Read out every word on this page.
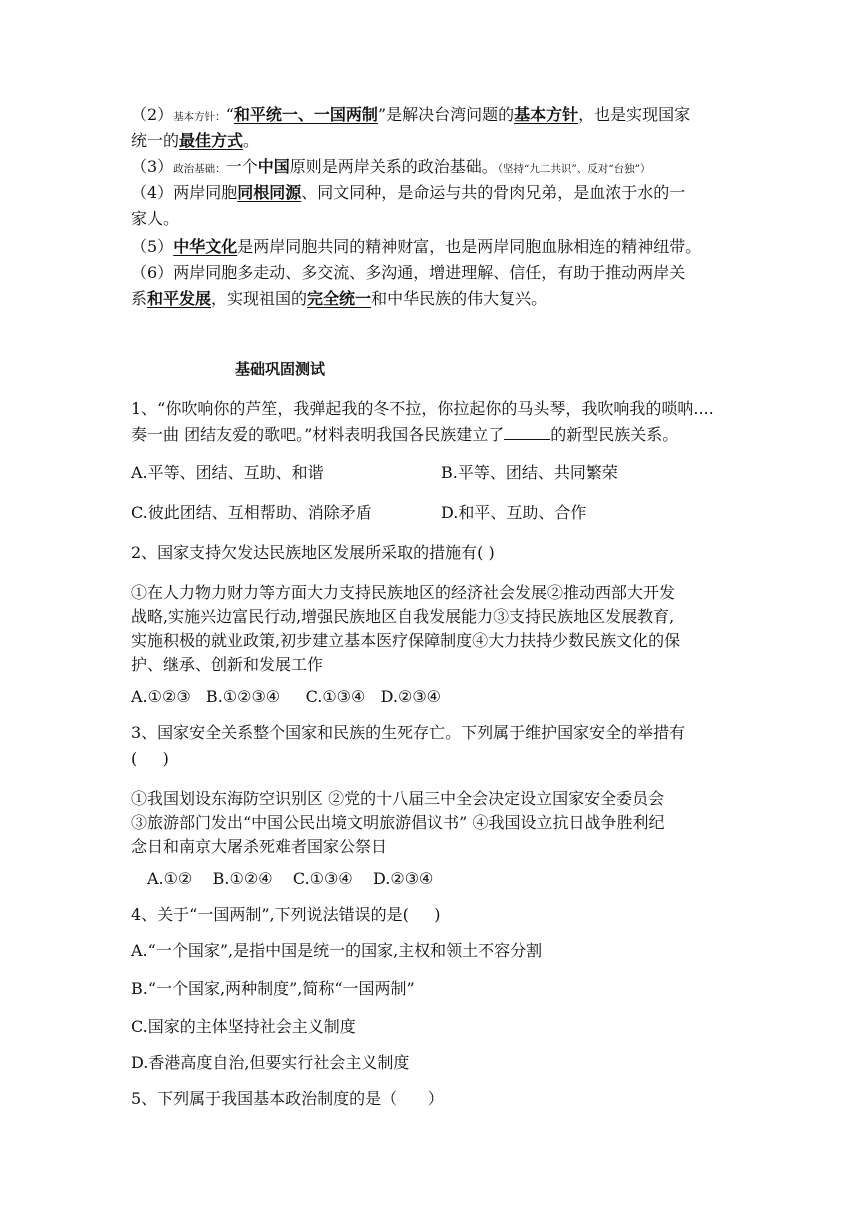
（2）基本方针：“和平统一、一国两制”是解决台湾问题的基本方针，也是实现国家
统一的最佳方式。
（3）政治基础：一个中国原则是两岸关系的政治基础。（坚持“九二共识”、反对“台独”）
（4）两岸同胞同根同源、同文同种，是命运与共的骨肉兄弟，是血浓于水的一
家人。
（5）中华文化是两岸同胞共同的精神财富，也是两岸同胞血脉相连的精神纽带。
（6）两岸同胞多走动、多交流、多沟通，增进理解、信任，有助于推动两岸关
系和平发展，实现祖国的完全统一和中华民族的伟大复兴。
基础巩固测试
1、“你吹响你的芦笙，我弹起我的冬不拉，你拉起你的马头琴，我吹响我的唢呐....
奏一曲 团结友爱的歌吧。”材料表明我国各民族建立了	的新型民族关系。
A.平等、团结、互助、和谐	B.平等、团结、共同繁荣
C.彼此团结、互相帮助、消除矛盾	D.和平、互助、合作
2、国家支持欠发达民族地区发展所采取的措施有( )
①在人力物力财力等方面大力支持民族地区的经济社会发展②推动西部大开发
战略,实施兴边富民行动,增强民族地区自我发展能力③支持民族地区发展教育,
实施积极的就业政策,初步建立基本医疗保障制度④大力扶持少数民族文化的保
护、继承、创新和发展工作
A.①②③   B.①②③④     C.①③④   D.②③④
3、国家安全关系整个国家和民族的生死存亡。下列属于维护国家安全的举措有
(     )
①我国划设东海防空识别区 ②党的十八届三中全会决定设立国家安全委员会
③旅游部门发出“中国公民出境文明旅游倡议书” ④我国设立抗日战争胜利纪
念日和南京大屠杀死难者国家公祭日
A.①②    B.①②④    C.①③④    D.②③④
4、关于“一国两制”,下列说法错误的是(     )
A.“一个国家”,是指中国是统一的国家,主权和领土不容分割
B.“一个国家,两种制度”,简称“一国两制”
C.国家的主体坚持社会主义制度
D.香港高度自治,但要实行社会主义制度
5、下列属于我国基本政治制度的是（      ）
